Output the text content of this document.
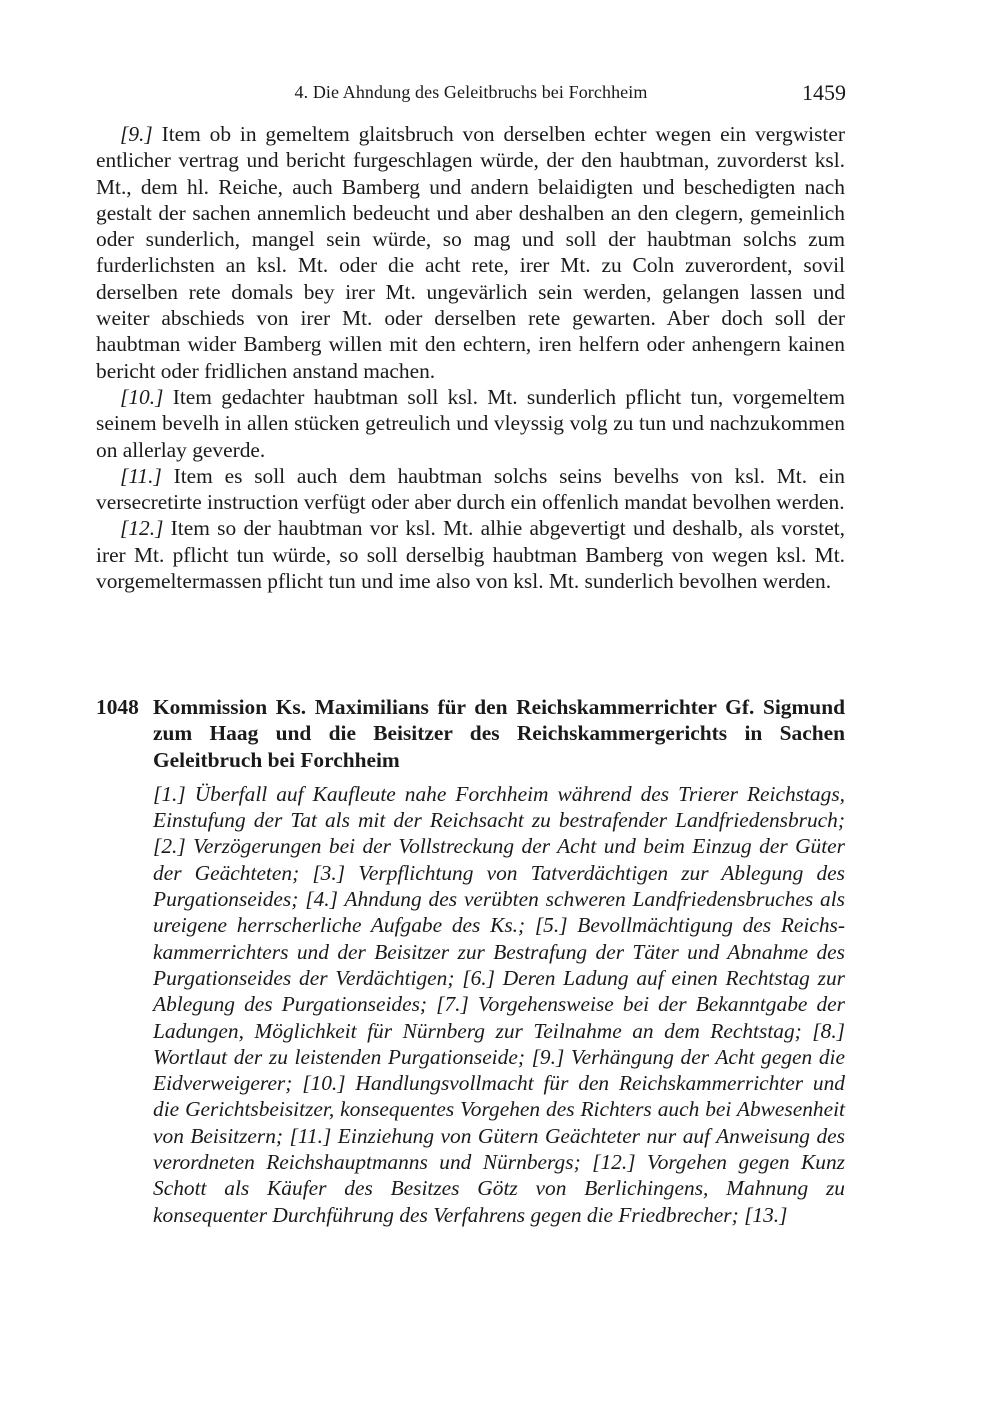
4. Die Ahndung des Geleitbruchs bei Forchheim	1459

[9.] Item ob in gemeltem glaitsbruch von derselben echter wegen ein vergwister entlicher vertrag und bericht furgeschlagen würde, der den haubtman, zuvorderst ksl. Mt., dem hl. Reiche, auch Bamberg und andern belaidigten und beschedigten nach gestalt der sachen annemlich bedeucht und aber deshalben an den clegern, gemeinlich oder sunderlich, mangel sein würde, so mag und soll der haubtman solchs zum furderlichsten an ksl. Mt. oder die acht rete, irer Mt. zu Coln zuverordent, sovil derselben rete domals bey irer Mt. ungevärlich sein werden, gelangen lassen und weiter abschieds von irer Mt. oder derselben rete gewarten. Aber doch soll der haubtman wider Bamberg willen mit den echtern, iren helfern oder anhengern kainen bericht oder fridlichen anstand machen.

[10.] Item gedachter haubtman soll ksl. Mt. sunderlich pflicht tun, vorgemeltem seinem bevelh in allen stücken getreulich und vleyssig volg zu tun und nachzukommen on allerlay geverde.

[11.] Item es soll auch dem haubtman solchs seins bevelhs von ksl. Mt. ein versecretirte instruction verfügt oder aber durch ein offenlich mandat bevolhen werden.

[12.] Item so der haubtman vor ksl. Mt. alhie abgevertigt und deshalb, als vorstet, irer Mt. pflicht tun würde, so soll derselbig haubtman Bamberg von wegen ksl. Mt. vorgemeltermassen pflicht tun und ime also von ksl. Mt. sunderlich bevolhen werden.

1048 Kommission Ks. Maximilians für den Reichskammerrichter Gf. Sigmund zum Haag und die Beisitzer des Reichskammergerichts in Sachen Geleitbruch bei Forchheim
[1.] Überfall auf Kaufleute nahe Forchheim während des Trierer Reichstags, Einstufung der Tat als mit der Reichsacht zu bestrafender Landfriedensbruch; [2.] Verzögerungen bei der Vollstreckung der Acht und beim Einzug der Güter der Geächteten; [3.] Verpflichtung von Tatverdächtigen zur Ablegung des Purgationseides; [4.] Ahndung des verübten schweren Landfriedensbruches als ureigene herrscherliche Aufgabe des Ks.; [5.] Bevollmächtigung des Reichskammerrichters und der Beisitzer zur Bestrafung der Täter und Abnahme des Purgationseides der Verdächtigen; [6.] Deren Ladung auf einen Rechtstag zur Ablegung des Purgationseides; [7.] Vorgehensweise bei der Bekanntgabe der Ladungen, Möglichkeit für Nürnberg zur Teilnahme an dem Rechtstag; [8.] Wortlaut der zu leistenden Purgationseide; [9.] Verhängung der Acht gegen die Eidverweigerer; [10.] Handlungsvollmacht für den Reichskammerrichter und die Gerichtsbeisitzer, konsequentes Vorgehen des Richters auch bei Abwesenheit von Beisitzern; [11.] Einziehung von Gütern Geächteter nur auf Anweisung des verordneten Reichshauptmanns und Nürnbergs; [12.] Vorgehen gegen Kunz Schott als Käufer des Besitzes Götz von Berlichingens, Mahnung zu konsequenter Durchführung des Verfahrens gegen die Friedbrecher; [13.]
